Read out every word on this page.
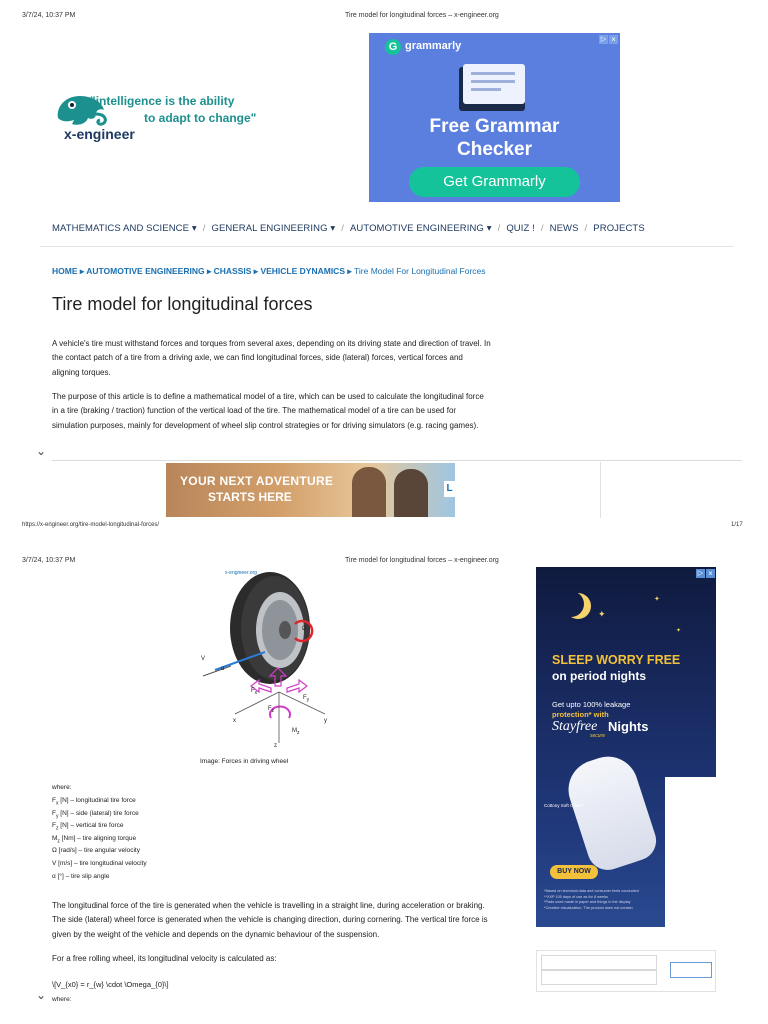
3/7/24, 10:37 PM	Tire model for longitudinal forces – x-engineer.org
"intelligence is the ability
to adapt to change"
x-engineer
G grammarly
▷ ×
Free Grammar
Checker
Get Grammarly
MATHEMATICS AND SCIENCE ▾ / GENERAL ENGINEERING ▾ / AUTOMOTIVE ENGINEERING ▾ / QUIZ ! / NEWS / PROJECTS
HOME ▸ AUTOMOTIVE ENGINEERING ▸ CHASSIS ▸ VEHICLE DYNAMICS ▸ Tire Model For Longitudinal Forces
Tire model for longitudinal forces
A vehicle's tire must withstand forces and torques from several axes, depending on its driving state and direction of travel. In the contact patch of a tire from a driving axle, we can find longitudinal forces, side (lateral) forces, vertical forces and aligning torques.
The purpose of this article is to define a mathematical model of a tire, which can be used to calculate the longitudinal force in a tire (braking / traction) function of the vertical load of the tire. The mathematical model of a tire can be used for simulation purposes, mainly for development of wheel slip control strategies or for driving simulators (e.g. racing games).
⌄
YOUR NEXT ADVENTURE
STARTS HERE
L
https://x-engineer.org/tire-model-longitudinal-forces/	1/17
3/7/24, 10:37 PM	Tire model for longitudinal forces – x-engineer.org
x-engineer.org
V
α
Ω
$F_x$
$F_y$
$F_z$
$M_z$
x	y
z
Image: Forces in driving wheel
where:
$F_x$ [N] – longitudinal tire force
$F_y$ [N] – side (lateral) tire force
$F_z$ [N] – vertical tire force
$M_z$ [Nm] – tire aligning torque
Ω [rad/s] – tire angular velocity
V [m/s] – tire longitudinal velocity
α [°] – tire slip angle
The longitudinal force of the tire is generated when the vehicle is travelling in a straight line, during acceleration or braking. The side (lateral) wheel force is generated when the vehicle is changing direction, during cornering. The vertical tire force is given by the weight of the vehicle and depends on the dynamic behaviour of the suspension.
For a free rolling wheel, its longitudinal velocity is calculated as:
\[V_{x0} = r_{w} \cdot \Omega_{0}\]
⌄ where:
▷ ×
✦
✦
✦
SLEEP WORRY FREE
on period nights
Get upto 100% leakage
protection* with
Stayfree Nights
secure
Cottony Soft Cover*
BUY NOW
*Based on technical data and consumer feels conducted
**XXP 100 days of use as for 8 weeks
*Pads used made in paper and things in the display
*Creative visualization. The product does not contain
